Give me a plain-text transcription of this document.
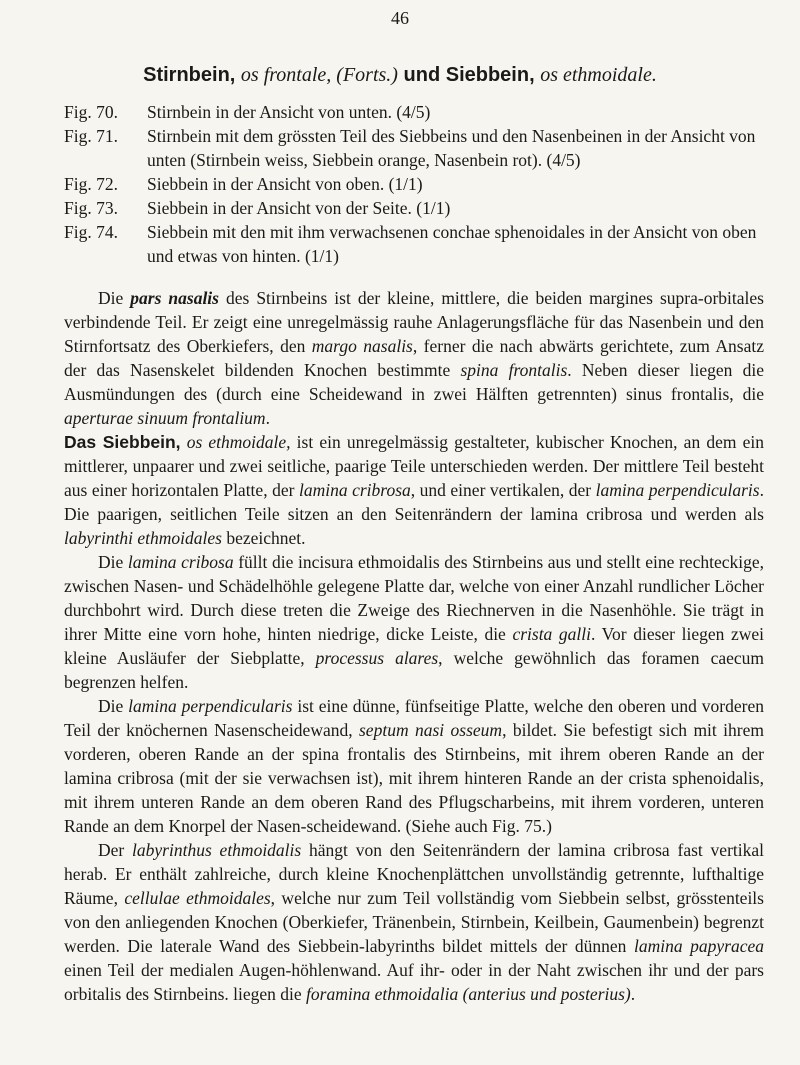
46
Stirnbein, os frontale, (Forts.) und Siebbein, os ethmoidale.
Fig. 70.	Stirnbein in der Ansicht von unten. (4/5)
Fig. 71.	Stirnbein mit dem grössten Teil des Siebbeins und den Nasenbeinen in der Ansicht von unten (Stirnbein weiss, Siebbein orange, Nasenbein rot). (4/5)
Fig. 72.	Siebbein in der Ansicht von oben. (1/1)
Fig. 73.	Siebbein in der Ansicht von der Seite. (1/1)
Fig. 74.	Siebbein mit den mit ihm verwachsenen conchae sphenoidales in der Ansicht von oben und etwas von hinten. (1/1)

Die pars nasalis des Stirnbeins ist der kleine, mittlere, die beiden margines supra-orbitales verbindende Teil. Er zeigt eine unregelmässig rauhe Anlagerungsfläche für das Nasenbein und den Stirnfortsatz des Oberkiefers, den margo nasalis, ferner die nach abwärts gerichtete, zum Ansatz der das Nasenskelet bildenden Knochen bestimmte spina frontalis. Neben dieser liegen die Ausmündungen des (durch eine Scheidewand in zwei Hälften getrennten) sinus frontalis, die aperturae sinuum frontalium.

Das Siebbein, os ethmoidale, ist ein unregelmässig gestalteter, kubischer Knochen, an dem ein mittlerer, unpaarer und zwei seitliche, paarige Teile unterschieden werden. Der mittlere Teil besteht aus einer horizontalen Platte, der lamina cribrosa, und einer vertikalen, der lamina perpendicularis. Die paarigen, seitlichen Teile sitzen an den Seitenrändern der lamina cribrosa und werden als labyrinthi ethmoidales bezeichnet.

Die lamina cribosa füllt die incisura ethmoidalis des Stirnbeins aus und stellt eine rechteckige, zwischen Nasen- und Schädelhöhle gelegene Platte dar, welche von einer Anzahl rundlicher Löcher durchbohrt wird. Durch diese treten die Zweige des Riechnerven in die Nasenhöhle. Sie trägt in ihrer Mitte eine vorn hohe, hinten niedrige, dicke Leiste, die crista galli. Vor dieser liegen zwei kleine Ausläufer der Siebplatte, processus alares, welche gewöhnlich das foramen caecum begrenzen helfen.

Die lamina perpendicularis ist eine dünne, fünfseitige Platte, welche den oberen und vorderen Teil der knöchernen Nasenscheidewand, septum nasi osseum, bildet. Sie befestigt sich mit ihrem vorderen, oberen Rande an der spina frontalis des Stirnbeins, mit ihrem oberen Rande an der lamina cribrosa (mit der sie verwachsen ist), mit ihrem hinteren Rande an der crista sphenoidalis, mit ihrem unteren Rande an dem oberen Rand des Pflugscharbeins, mit ihrem vorderen, unteren Rande an dem Knorpel der Nasen-scheidewand. (Siehe auch Fig. 75.)

Der labyrinthus ethmoidalis hängt von den Seitenrändern der lamina cribrosa fast vertikal herab. Er enthält zahlreiche, durch kleine Knochenplättchen unvollständig getrennte, lufthaltige Räume, cellulae ethmoidales, welche nur zum Teil vollständig vom Siebbein selbst, grösstenteils von den anliegenden Knochen (Oberkiefer, Tränenbein, Stirnbein, Keilbein, Gaumenbein) begrenzt werden. Die laterale Wand des Siebbein-labyrinths bildet mittels der dünnen lamina papyracea einen Teil der medialen Augen-höhlenwand. Auf ihr- oder in der Naht zwischen ihr und der pars orbitalis des Stirnbeins. liegen die foramina ethmoidalia (anterius und posterius).
